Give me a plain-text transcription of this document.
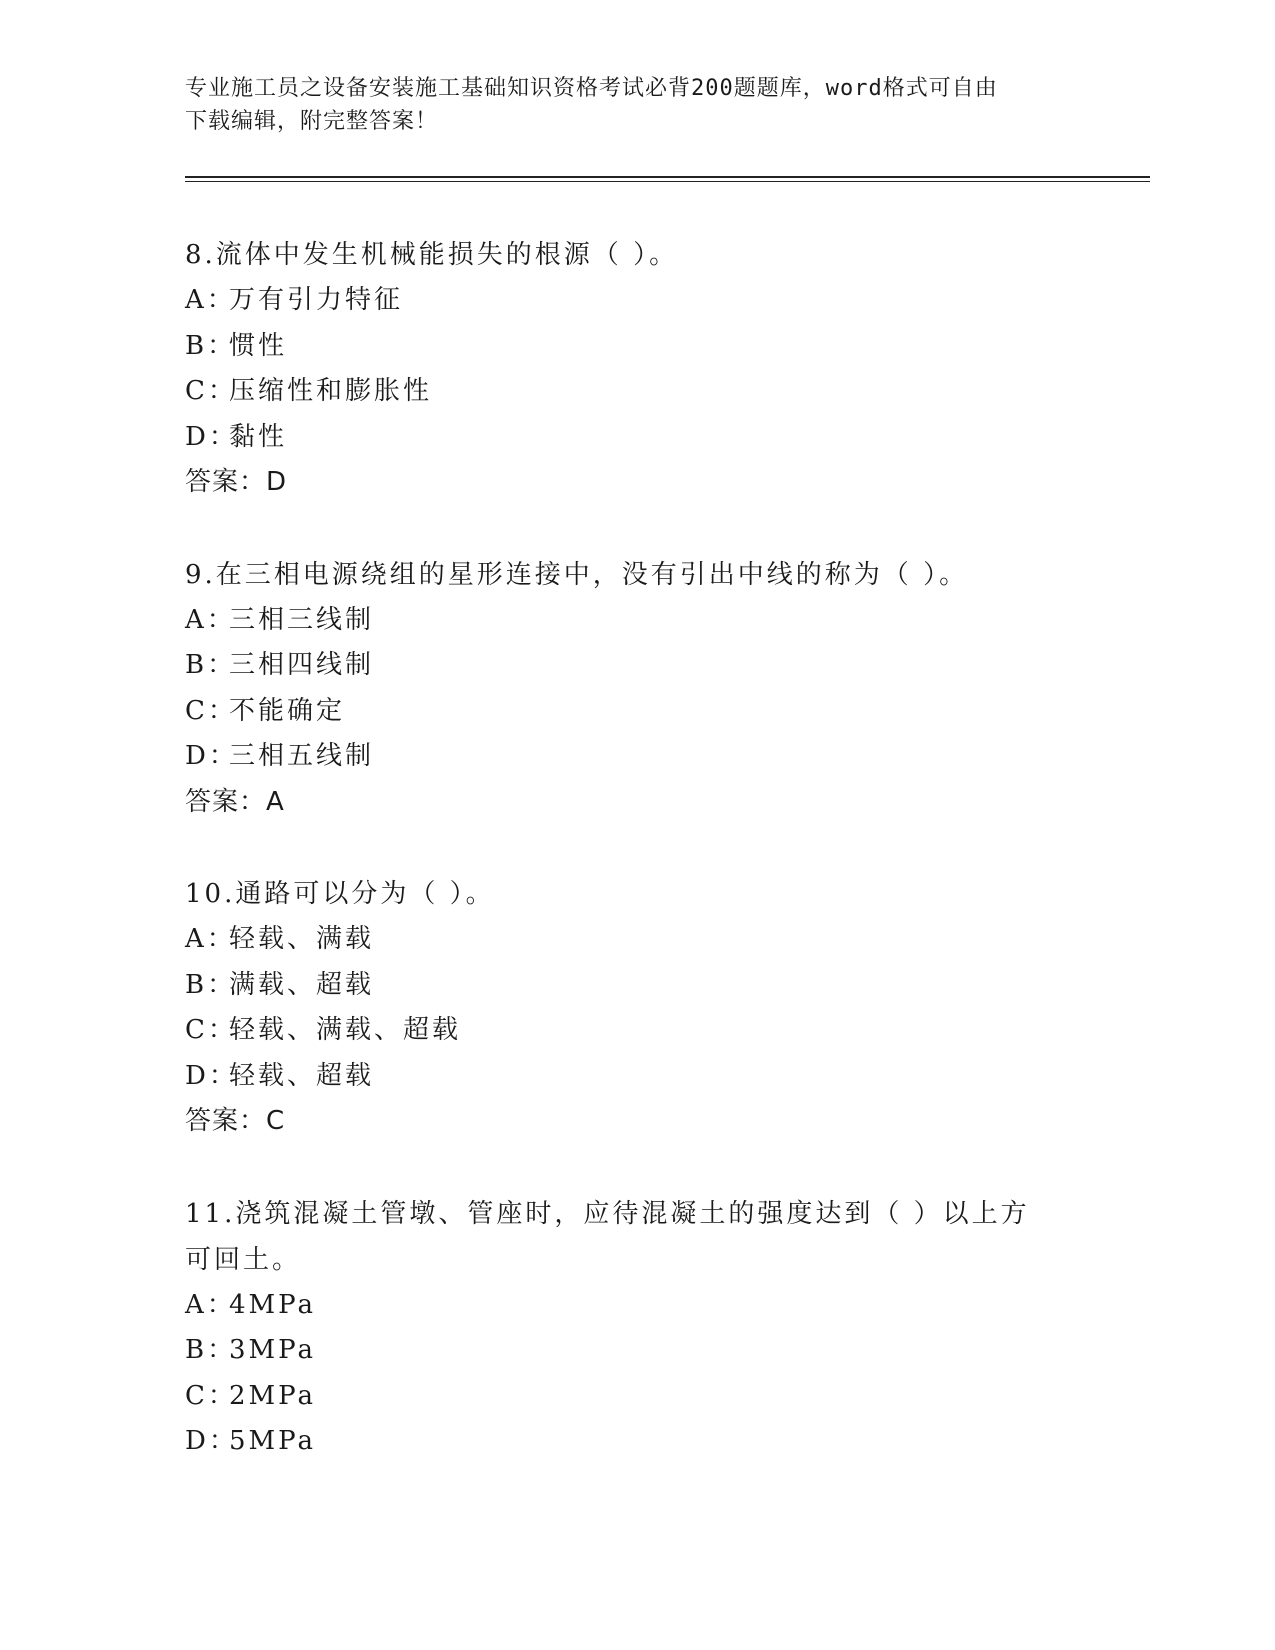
专业施工员之设备安装施工基础知识资格考试必背200题题库，word格式可自由
下载编辑，附完整答案！

8.流体中发生机械能损失的根源（ ）。

A：万有引力特征

B：惯性

C：压缩性和膨胀性

D：黏性

答案：D

9.在三相电源绕组的星形连接中，没有引出中线的称为（ ）。

A：三相三线制

B：三相四线制

C：不能确定

D：三相五线制

答案：A

10.通路可以分为（ ）。

A：轻载、满载

B：满载、超载

C：轻载、满载、超载

D：轻载、超载

答案：C

11.浇筑混凝土管墩、管座时，应待混凝土的强度达到（ ）以上方可回土。

A：4MPa

B：3MPa

C：2MPa

D：5MPa
